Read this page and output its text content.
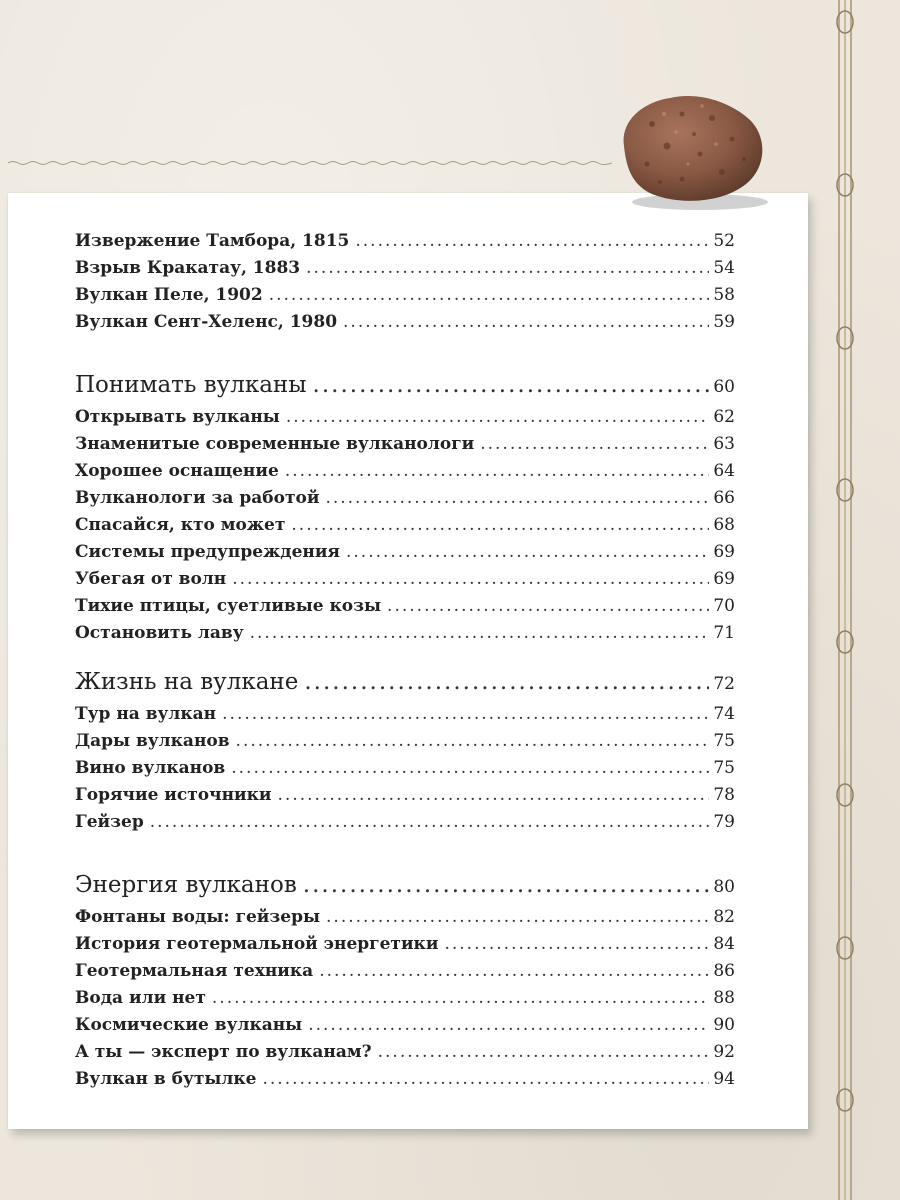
Извержение Тамбора, 1815 .....	52
Взрыв Кракатау, 1883 .....	54
Вулкан Пеле, 1902 .....	58
Вулкан Сент-Хеленс, 1980 .....	59
Понимать вулканы .....	60
Открывать вулканы .....	62
Знаменитые современные вулканологи .....	63
Хорошее оснащение .....	64
Вулканологи за работой .....	66
Спасайся, кто может .....	68
Системы предупреждения .....	69
Убегая от волн .....	69
Тихие птицы, суетливые козы .....	70
Остановить лаву .....	71
Жизнь на вулкане .....	72
Тур на вулкан .....	74
Дары вулканов .....	75
Вино вулканов .....	75
Горячие источники .....	78
Гейзер .....	79
Энергия вулканов .....	80
Фонтаны воды: гейзеры .....	82
История геотермальной энергетики .....	84
Геотермальная техника .....	86
Вода или нет .....	88
Космические вулканы .....	90
А ты — эксперт по вулканам? .....	92
Вулкан в бутылке .....	94
